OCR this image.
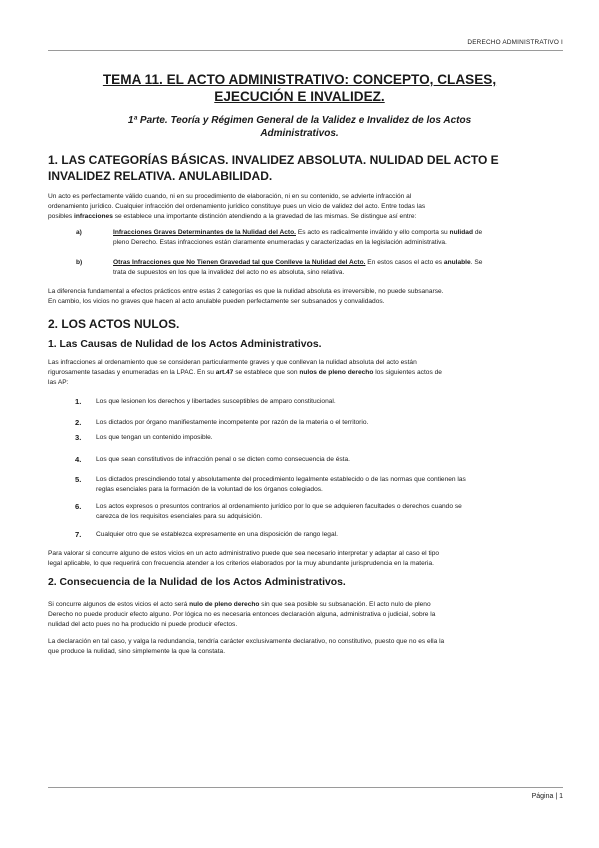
DERECHO ADMINISTRATIVO I
TEMA 11. EL ACTO ADMINISTRATIVO: CONCEPTO, CLASES,
EJECUCIÓN E INVALIDEZ.
1ª Parte. Teoría y Régimen General de la Validez e Invalidez de los Actos
Administrativos.
1. LAS CATEGORÍAS BÁSICAS. INVALIDEZ ABSOLUTA. NULIDAD DEL ACTO E
INVALIDEZ RELATIVA. ANULABILIDAD.
Un acto es perfectamente válido cuando, ni en su procedimiento de elaboración, ni en su contenido, se advierte infracción al
ordenamiento jurídico. Cualquier infracción del ordenamiento jurídico constituye pues un vicio de validez del acto. Entre todas las
posibles infracciones se establece una importante distinción atendiendo a la gravedad de las mismas. Se distingue así entre:
a)	Infracciones Graves Determinantes de la Nulidad del Acto. Es acto es radicalmente inválido y ello comporta su nulidad de
pleno Derecho. Estas infracciones están claramente enumeradas y caracterizadas en la legislación administrativa.
b)	Otras Infracciones que No Tienen Gravedad tal que Conlleve la Nulidad del Acto. En estos casos el acto es anulable. Se
trata de supuestos en los que la invalidez del acto no es absoluta, sino relativa.
La diferencia fundamental a efectos prácticos entre estas 2 categorías es que la nulidad absoluta es irreversible, no puede subsanarse.
En cambio, los vicios no graves que hacen al acto anulable pueden perfectamente ser subsanados y convalidados.
2. LOS ACTOS NULOS.
1. Las Causas de Nulidad de los Actos Administrativos.
Las infracciones al ordenamiento que se consideran particularmente graves y que conllevan la nulidad absoluta del acto están
rigurosamente tasadas y enumeradas en la LPAC. En su art.47 se establece que son nulos de pleno derecho los siguientes actos de
las AP:
1. Los que lesionen los derechos y libertades susceptibles de amparo constitucional.
2. Los dictados por órgano manifiestamente incompetente por razón de la materia o el territorio.
3. Los que tengan un contenido imposible.
4. Los que sean constitutivos de infracción penal o se dicten como consecuencia de ésta.
5. Los dictados prescindiendo total y absolutamente del procedimiento legalmente establecido o de las normas que contienen las
reglas esenciales para la formación de la voluntad de los órganos colegiados.
6. Los actos expresos o presuntos contrarios al ordenamiento jurídico por lo que se adquieren facultades o derechos cuando se
carezca de los requisitos esenciales para su adquisición.
7. Cualquier otro que se establezca expresamente en una disposición de rango legal.
Para valorar si concurre alguno de estos vicios en un acto administrativo puede que sea necesario interpretar y adaptar al caso el tipo
legal aplicable, lo que requerirá con frecuencia atender a los criterios elaborados por la muy abundante jurisprudencia en la materia.
2. Consecuencia de la Nulidad de los Actos Administrativos.
Si concurre algunos de estos vicios el acto será nulo de pleno derecho sin que sea posible su subsanación. El acto nulo de pleno
Derecho no puede producir efecto alguno. Por lógica no es necesaria entonces declaración alguna, administrativa o judicial, sobre la
nulidad del acto pues no ha producido ni puede producir efectos.
La declaración en tal caso, y valga la redundancia, tendría carácter exclusivamente declarativo, no constitutivo, puesto que no es ella la
que produce la nulidad, sino simplemente la que la constata.
Página | 1
